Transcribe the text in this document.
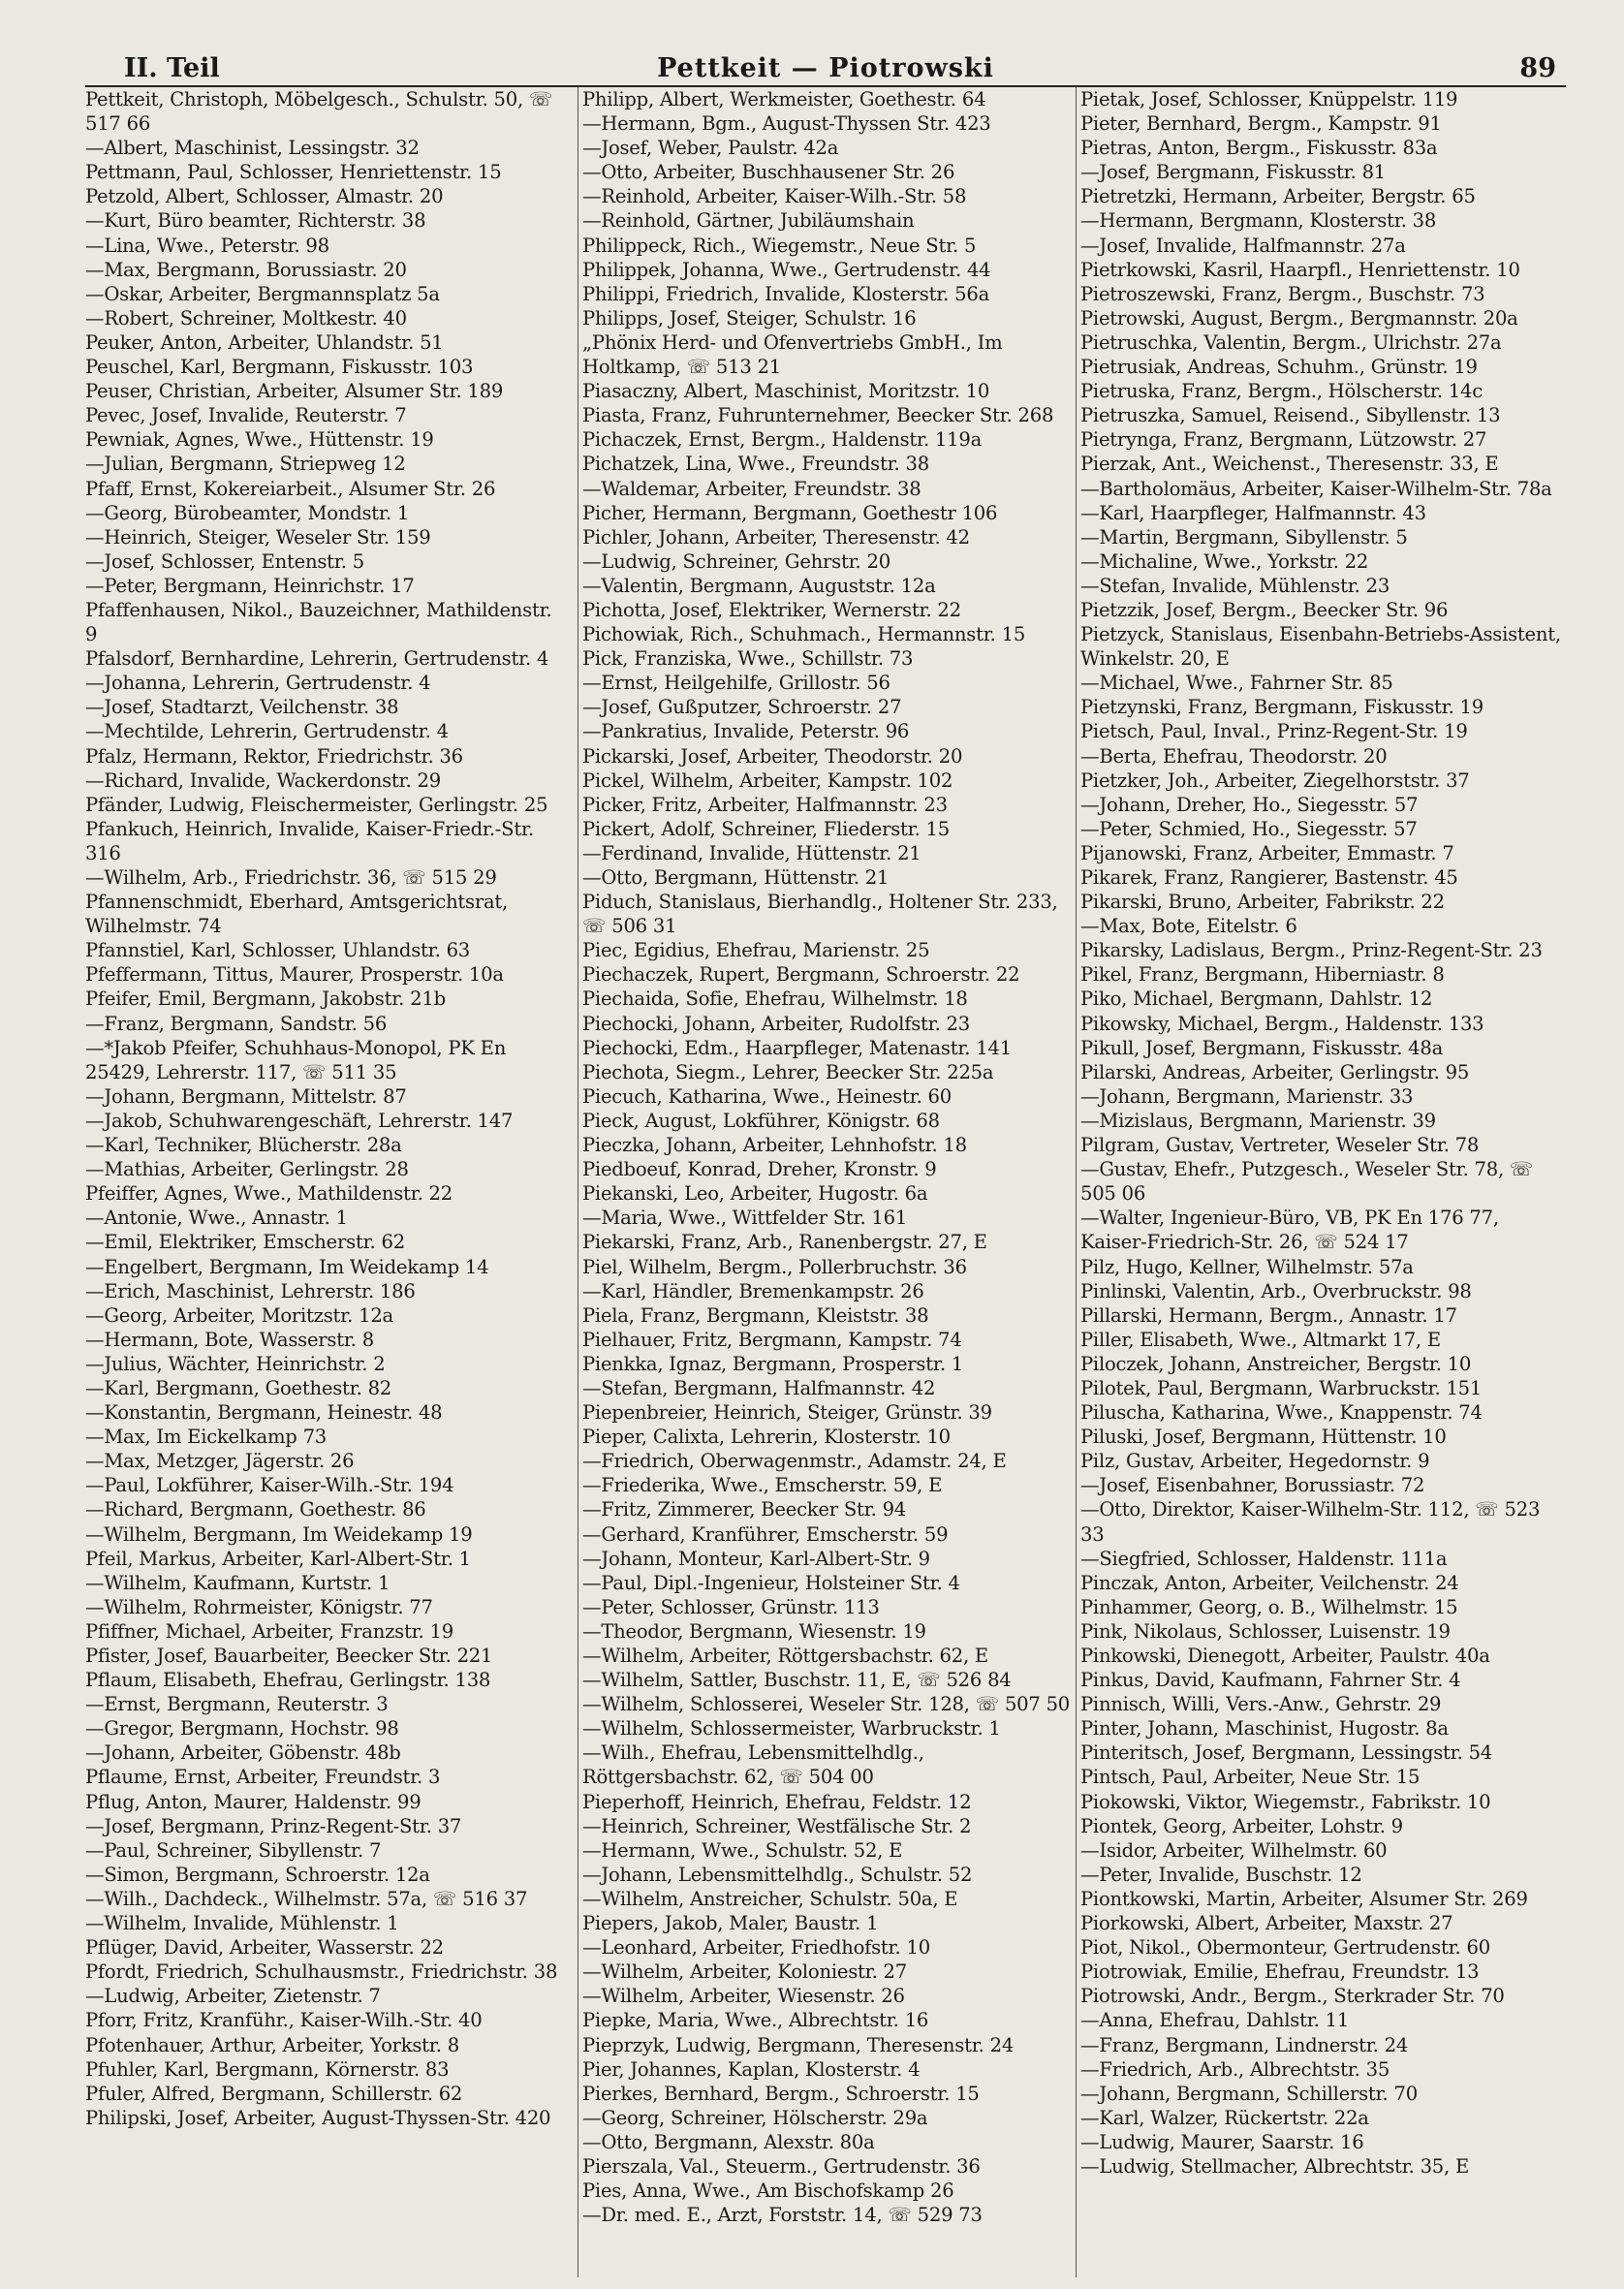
II. Teil	Pettkeit — Piotrowski	89
Pettkeit, Christoph, Möbelgesch., Schulstr. 50, ☏ 517 66
—Albert, Maschinist, Lessingstr. 32
Pettmann, Paul, Schlosser, Henriettenstr. 15
Petzold, Albert, Schlosser, Almastr. 20
—Kurt, Büro beamter, Richterstr. 38
—Lina, Wwe., Peterstr. 98
—Max, Bergmann, Borussiastr. 20
—Oskar, Arbeiter, Bergmannsplatz 5a
—Robert, Schreiner, Moltkestr. 40
Peuker, Anton, Arbeiter, Uhlandstr. 51
Peuschel, Karl, Bergmann, Fiskusstr. 103
Peuser, Christian, Arbeiter, Alsumer Str. 189
Pevec, Josef, Invalide, Reuterstr. 7
Pewniak, Agnes, Wwe., Hüttenstr. 19
—Julian, Bergmann, Striepweg 12
Pfaff, Ernst, Kokereiarbeit., Alsumer Str. 26
—Georg, Bürobeamter, Mondstr. 1
—Heinrich, Steiger, Weseler Str. 159
—Josef, Schlosser, Entenstr. 5
—Peter, Bergmann, Heinrichstr. 17
Pfaffenhausen, Nikol., Bauzeichner, Mathildenstr. 9
Pfalsdorf, Bernhardine, Lehrerin, Gertrudenstr. 4
—Johanna, Lehrerin, Gertrudenstr. 4
—Josef, Stadtarzt, Veilchenstr. 38
—Mechtilde, Lehrerin, Gertrudenstr. 4
Pfalz, Hermann, Rektor, Friedrichstr. 36
—Richard, Invalide, Wackerdonstr. 29
Pfänder, Ludwig, Fleischermeister, Gerlingstr. 25
Pfankuch, Heinrich, Invalide, Kaiser-Friedr.-Str. 316
—Wilhelm, Arb., Friedrichstr. 36, ☏ 515 29
Pfannenschmidt, Eberhard, Amtsgerichtsrat, Wilhelmstr. 74
Pfannstiel, Karl, Schlosser, Uhlandstr. 63
Pfeffermann, Tittus, Maurer, Prosperstr. 10a
Pfeifer, Emil, Bergmann, Jakobstr. 21b
—Franz, Bergmann, Sandstr. 56
—*Jakob Pfeifer, Schuhhaus-Monopol, PK En 25429, Lehrerstr. 117, ☏ 511 35
—Johann, Bergmann, Mittelstr. 87
—Jakob, Schuhwarengeschäft, Lehrerstr. 147
—Karl, Techniker, Blücherstr. 28a
—Mathias, Arbeiter, Gerlingstr. 28
Pfeiffer, Agnes, Wwe., Mathildenstr. 22
—Antonie, Wwe., Annastr. 1
—Emil, Elektriker, Emscherstr. 62
—Engelbert, Bergmann, Im Weidekamp 14
—Erich, Maschinist, Lehrerstr. 186
—Georg, Arbeiter, Moritzstr. 12a
—Hermann, Bote, Wasserstr. 8
—Julius, Wächter, Heinrichstr. 2
—Karl, Bergmann, Goethestr. 82
—Konstantin, Bergmann, Heinestr. 48
—Max, Im Eickelkamp 73
—Max, Metzger, Jägerstr. 26
—Paul, Lokführer, Kaiser-Wilh.-Str. 194
—Richard, Bergmann, Goethestr. 86
—Wilhelm, Bergmann, Im Weidekamp 19
Pfeil, Markus, Arbeiter, Karl-Albert-Str. 1
—Wilhelm, Kaufmann, Kurtstr. 1
—Wilhelm, Rohrmeister, Königstr. 77
Pfiffner, Michael, Arbeiter, Franzstr. 19
Pfister, Josef, Bauarbeiter, Beecker Str. 221
Pflaum, Elisabeth, Ehefrau, Gerlingstr. 138
—Ernst, Bergmann, Reuterstr. 3
—Gregor, Bergmann, Hochstr. 98
—Johann, Arbeiter, Göbenstr. 48b
Pflaume, Ernst, Arbeiter, Freundstr. 3
Pflug, Anton, Maurer, Haldenstr. 99
—Josef, Bergmann, Prinz-Regent-Str. 37
—Paul, Schreiner, Sibyllenstr. 7
—Simon, Bergmann, Schroerstr. 12a
—Wilh., Dachdeck., Wilhelmstr. 57a, ☏ 516 37
—Wilhelm, Invalide, Mühlenstr. 1
Pflüger, David, Arbeiter, Wasserstr. 22
Pfordt, Friedrich, Schulhausmstr., Friedrichstr. 38
—Ludwig, Arbeiter, Zietenstr. 7
Pforr, Fritz, Kranführ., Kaiser-Wilh.-Str. 40
Pfotenhauer, Arthur, Arbeiter, Yorkstr. 8
Pfuhler, Karl, Bergmann, Körnerstr. 83
Pfuler, Alfred, Bergmann, Schillerstr. 62
Philipski, Josef, Arbeiter, August-Thyssen-Str. 420
Philipp, Albert, Werkmeister, Goethestr. 64
—Hermann, Bgm., August-Thyssen Str. 423
—Josef, Weber, Paulstr. 42a
—Otto, Arbeiter, Buschhausener Str. 26
—Reinhold, Arbeiter, Kaiser-Wilh.-Str. 58
—Reinhold, Gärtner, Jubiläumshain
Philippeck, Rich., Wiegemstr., Neue Str. 5
Philippek, Johanna, Wwe., Gertrudenstr. 44
Philippi, Friedrich, Invalide, Klosterstr. 56a
Philipps, Josef, Steiger, Schulstr. 16
„Phönix Herd- und Ofenvertriebs GmbH., Im Holtkamp, ☏ 513 21
Piasaczny, Albert, Maschinist, Moritzstr. 10
Piasta, Franz, Fuhrunternehmer, Beecker Str. 268
Pichaczek, Ernst, Bergm., Haldenstr. 119a
Pichatzek, Lina, Wwe., Freundstr. 38
—Waldemar, Arbeiter, Freundstr. 38
Picher, Hermann, Bergmann, Goethestr 106
Pichler, Johann, Arbeiter, Theresenstr. 42
—Ludwig, Schreiner, Gehrstr. 20
—Valentin, Bergmann, Auguststr. 12a
Pichotta, Josef, Elektriker, Wernerstr. 22
Pichowiak, Rich., Schuhmach., Hermannstr. 15
Pick, Franziska, Wwe., Schillstr. 73
—Ernst, Heilgehilfe, Grillostr. 56
—Josef, Gußputzer, Schroerstr. 27
—Pankratius, Invalide, Peterstr. 96
Pickarski, Josef, Arbeiter, Theodorstr. 20
Pickel, Wilhelm, Arbeiter, Kampstr. 102
Picker, Fritz, Arbeiter, Halfmannstr. 23
Pickert, Adolf, Schreiner, Fliederstr. 15
—Ferdinand, Invalide, Hüttenstr. 21
—Otto, Bergmann, Hüttenstr. 21
Piduch, Stanislaus, Bierhandlg., Holtener Str. 233, ☏ 506 31
Piec, Egidius, Ehefrau, Marienstr. 25
Piechaczek, Rupert, Bergmann, Schroerstr. 22
Piechaida, Sofie, Ehefrau, Wilhelmstr. 18
Piechocki, Johann, Arbeiter, Rudolfstr. 23
Piechocki, Edm., Haarpfleger, Matenastr. 141
Piechota, Siegm., Lehrer, Beecker Str. 225a
Piecuch, Katharina, Wwe., Heinestr. 60
Pieck, August, Lokführer, Königstr. 68
Pieczka, Johann, Arbeiter, Lehnhofstr. 18
Piedboeuf, Konrad, Dreher, Kronstr. 9
Piekanski, Leo, Arbeiter, Hugostr. 6a
—Maria, Wwe., Wittfelder Str. 161
Piekarski, Franz, Arb., Ranenbergstr. 27, E
Piel, Wilhelm, Bergm., Pollerbruchstr. 36
—Karl, Händler, Bremenkampstr. 26
Piela, Franz, Bergmann, Kleiststr. 38
Pielhauer, Fritz, Bergmann, Kampstr. 74
Pienkka, Ignaz, Bergmann, Prosperstr. 1
—Stefan, Bergmann, Halfmannstr. 42
Piepenbreier, Heinrich, Steiger, Grünstr. 39
Pieper, Calixta, Lehrerin, Klosterstr. 10
—Friedrich, Oberwagenmstr., Adamstr. 24, E
—Friederika, Wwe., Emscherstr. 59, E
—Fritz, Zimmerer, Beecker Str. 94
—Gerhard, Kranführer, Emscherstr. 59
—Johann, Monteur, Karl-Albert-Str. 9
—Paul, Dipl.-Ingenieur, Holsteiner Str. 4
—Peter, Schlosser, Grünstr. 113
—Theodor, Bergmann, Wiesenstr. 19
—Wilhelm, Arbeiter, Röttgersbachstr. 62, E
—Wilhelm, Sattler, Buschstr. 11, E, ☏ 526 84
—Wilhelm, Schlosserei, Weseler Str. 128, ☏ 507 50
—Wilhelm, Schlossermeister, Warbruckstr. 1
—Wilh., Ehefrau, Lebensmittelhdlg., Röttgersbachstr. 62, ☏ 504 00
Pieperhoff, Heinrich, Ehefrau, Feldstr. 12
—Heinrich, Schreiner, Westfälische Str. 2
—Hermann, Wwe., Schulstr. 52, E
—Johann, Lebensmittelhdlg., Schulstr. 52
—Wilhelm, Anstreicher, Schulstr. 50a, E
Piepers, Jakob, Maler, Baustr. 1
—Leonhard, Arbeiter, Friedhofstr. 10
—Wilhelm, Arbeiter, Koloniestr. 27
—Wilhelm, Arbeiter, Wiesenstr. 26
Piepke, Maria, Wwe., Albrechtstr. 16
Pieprzyk, Ludwig, Bergmann, Theresenstr. 24
Pier, Johannes, Kaplan, Klosterstr. 4
Pierkes, Bernhard, Bergm., Schroerstr. 15
—Georg, Schreiner, Hölscherstr. 29a
—Otto, Bergmann, Alexstr. 80a
Pierszala, Val., Steuerm., Gertrudenstr. 36
Pies, Anna, Wwe., Am Bischofskamp 26
—Dr. med. E., Arzt, Forststr. 14, ☏ 529 73
Pietak, Josef, Schlosser, Knüppelstr. 119
Pieter, Bernhard, Bergm., Kampstr. 91
Pietras, Anton, Bergm., Fiskusstr. 83a
—Josef, Bergmann, Fiskusstr. 81
Pietretzki, Hermann, Arbeiter, Bergstr. 65
—Hermann, Bergmann, Klosterstr. 38
—Josef, Invalide, Halfmannstr. 27a
Pietrkowski, Kasril, Haarpfl., Henriettenstr. 10
Pietroszewski, Franz, Bergm., Buschstr. 73
Pietrowski, August, Bergm., Bergmannstr. 20a
Pietruschka, Valentin, Bergm., Ulrichstr. 27a
Pietrusiak, Andreas, Schuhm., Grünstr. 19
Pietruska, Franz, Bergm., Hölscherstr. 14c
Pietruszka, Samuel, Reisend., Sibyllenstr. 13
Pietrynga, Franz, Bergmann, Lützowstr. 27
Pierzak, Ant., Weichenst., Theresenstr. 33, E
—Bartholomäus, Arbeiter, Kaiser-Wilhelm-Str. 78a
—Karl, Haarpfleger, Halfmannstr. 43
—Martin, Bergmann, Sibyllenstr. 5
—Michaline, Wwe., Yorkstr. 22
—Stefan, Invalide, Mühlenstr. 23
Pietzzik, Josef, Bergm., Beecker Str. 96
Pietzyck, Stanislaus, Eisenbahn-Betriebs-Assistent, Winkelstr. 20, E
—Michael, Wwe., Fahrner Str. 85
Pietzynski, Franz, Bergmann, Fiskusstr. 19
Pietsch, Paul, Inval., Prinz-Regent-Str. 19
—Berta, Ehefrau, Theodorstr. 20
Pietzker, Joh., Arbeiter, Ziegelhorststr. 37
—Johann, Dreher, Ho., Siegesstr. 57
—Peter, Schmied, Ho., Siegesstr. 57
Pijanowski, Franz, Arbeiter, Emmastr. 7
Pikarek, Franz, Rangierer, Bastenstr. 45
Pikarski, Bruno, Arbeiter, Fabrikstr. 22
—Max, Bote, Eitelstr. 6
Pikarsky, Ladislaus, Bergm., Prinz-Regent-Str. 23
Pikel, Franz, Bergmann, Hiberniastr. 8
Piko, Michael, Bergmann, Dahlstr. 12
Pikowsky, Michael, Bergm., Haldenstr. 133
Pikull, Josef, Bergmann, Fiskusstr. 48a
Pilarski, Andreas, Arbeiter, Gerlingstr. 95
—Johann, Bergmann, Marienstr. 33
—Mizislaus, Bergmann, Marienstr. 39
Pilgram, Gustav, Vertreter, Weseler Str. 78
—Gustav, Ehefr., Putzgesch., Weseler Str. 78, ☏ 505 06
—Walter, Ingenieur-Büro, VB, PK En 176 77, Kaiser-Friedrich-Str. 26, ☏ 524 17
Pilz, Hugo, Kellner, Wilhelmstr. 57a
Pinlinski, Valentin, Arb., Overbruckstr. 98
Pillarski, Hermann, Bergm., Annastr. 17
Piller, Elisabeth, Wwe., Altmarkt 17, E
Piloczek, Johann, Anstreicher, Bergstr. 10
Pilotek, Paul, Bergmann, Warbruckstr. 151
Piluscha, Katharina, Wwe., Knappenstr. 74
Piluski, Josef, Bergmann, Hüttenstr. 10
Pilz, Gustav, Arbeiter, Hegedornstr. 9
—Josef, Eisenbahner, Borussiastr. 72
—Otto, Direktor, Kaiser-Wilhelm-Str. 112, ☏ 523 33
—Siegfried, Schlosser, Haldenstr. 111a
Pinczak, Anton, Arbeiter, Veilchenstr. 24
Pinhammer, Georg, o. B., Wilhelmstr. 15
Pink, Nikolaus, Schlosser, Luisenstr. 19
Pinkowski, Dienegott, Arbeiter, Paulstr. 40a
Pinkus, David, Kaufmann, Fahrner Str. 4
Pinnisch, Willi, Vers.-Anw., Gehrstr. 29
Pinter, Johann, Maschinist, Hugostr. 8a
Pinteritsch, Josef, Bergmann, Lessingstr. 54
Pintsch, Paul, Arbeiter, Neue Str. 15
Piokowski, Viktor, Wiegemstr., Fabrikstr. 10
Piontek, Georg, Arbeiter, Lohstr. 9
—Isidor, Arbeiter, Wilhelmstr. 60
—Peter, Invalide, Buschstr. 12
Piontkowski, Martin, Arbeiter, Alsumer Str. 269
Piorkowski, Albert, Arbeiter, Maxstr. 27
Piot, Nikol., Obermonteur, Gertrudenstr. 60
Piotrowiak, Emilie, Ehefrau, Freundstr. 13
Piotrowski, Andr., Bergm., Sterkrader Str. 70
—Anna, Ehefrau, Dahlstr. 11
—Franz, Bergmann, Lindnerstr. 24
—Friedrich, Arb., Albrechtstr. 35
—Johann, Bergmann, Schillerstr. 70
—Karl, Walzer, Rückertstr. 22a
—Ludwig, Maurer, Saarstr. 16
—Ludwig, Stellmacher, Albrechtstr. 35, E
